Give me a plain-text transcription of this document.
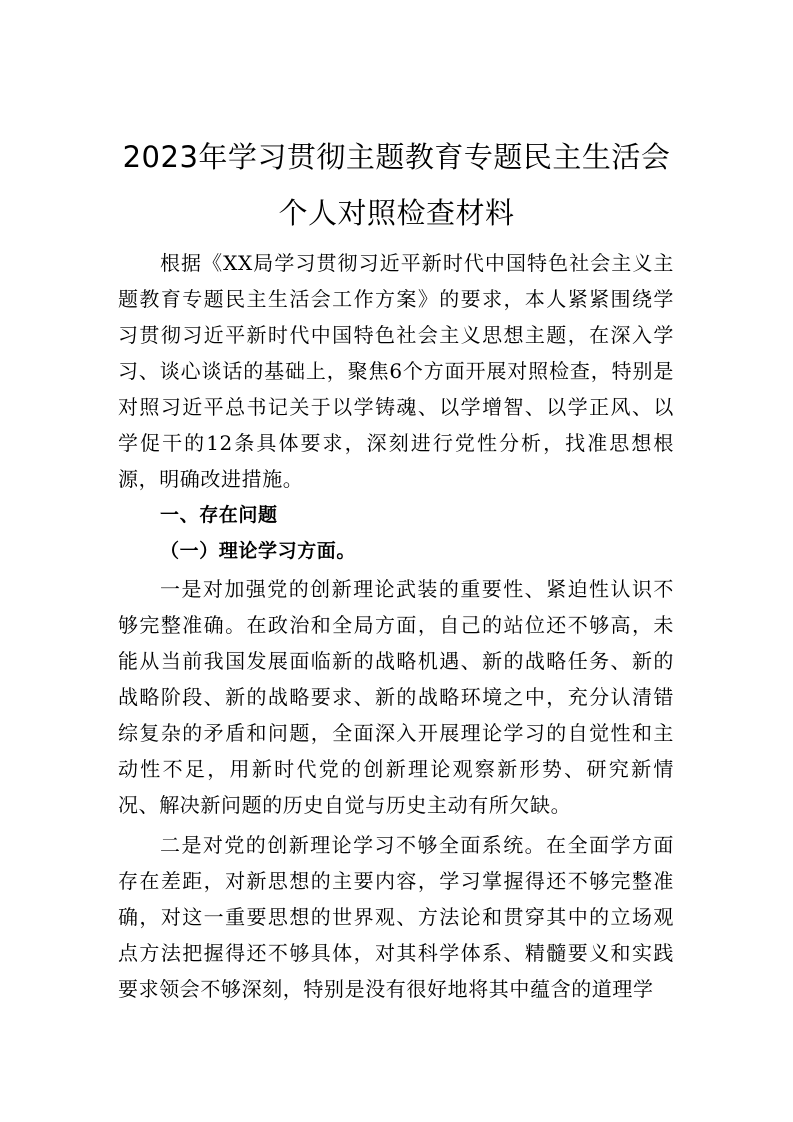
2023年学习贯彻主题教育专题民主生活会
个人对照检查材料

根据《XX局学习贯彻习近平新时代中国特色社会主义主题教育专题民主生活会工作方案》的要求，本人紧紧围绕学习贯彻习近平新时代中国特色社会主义思想主题，在深入学习、谈心谈话的基础上，聚焦6个方面开展对照检查，特别是对照习近平总书记关于以学铸魂、以学增智、以学正风、以学促干的12条具体要求，深刻进行党性分析，找准思想根源，明确改进措施。

一、存在问题

（一）理论学习方面。

一是对加强党的创新理论武装的重要性、紧迫性认识不够完整准确。在政治和全局方面，自己的站位还不够高，未能从当前我国发展面临新的战略机遇、新的战略任务、新的战略阶段、新的战略要求、新的战略环境之中，充分认清错综复杂的矛盾和问题，全面深入开展理论学习的自觉性和主动性不足，用新时代党的创新理论观察新形势、研究新情况、解决新问题的历史自觉与历史主动有所欠缺。

二是对党的创新理论学习不够全面系统。在全面学方面存在差距，对新思想的主要内容，学习掌握得还不够完整准确，对这一重要思想的世界观、方法论和贯穿其中的立场观点方法把握得还不够具体，对其科学体系、精髓要义和实践要求领会不够深刻，特别是没有很好地将其中蕴含的道理学
